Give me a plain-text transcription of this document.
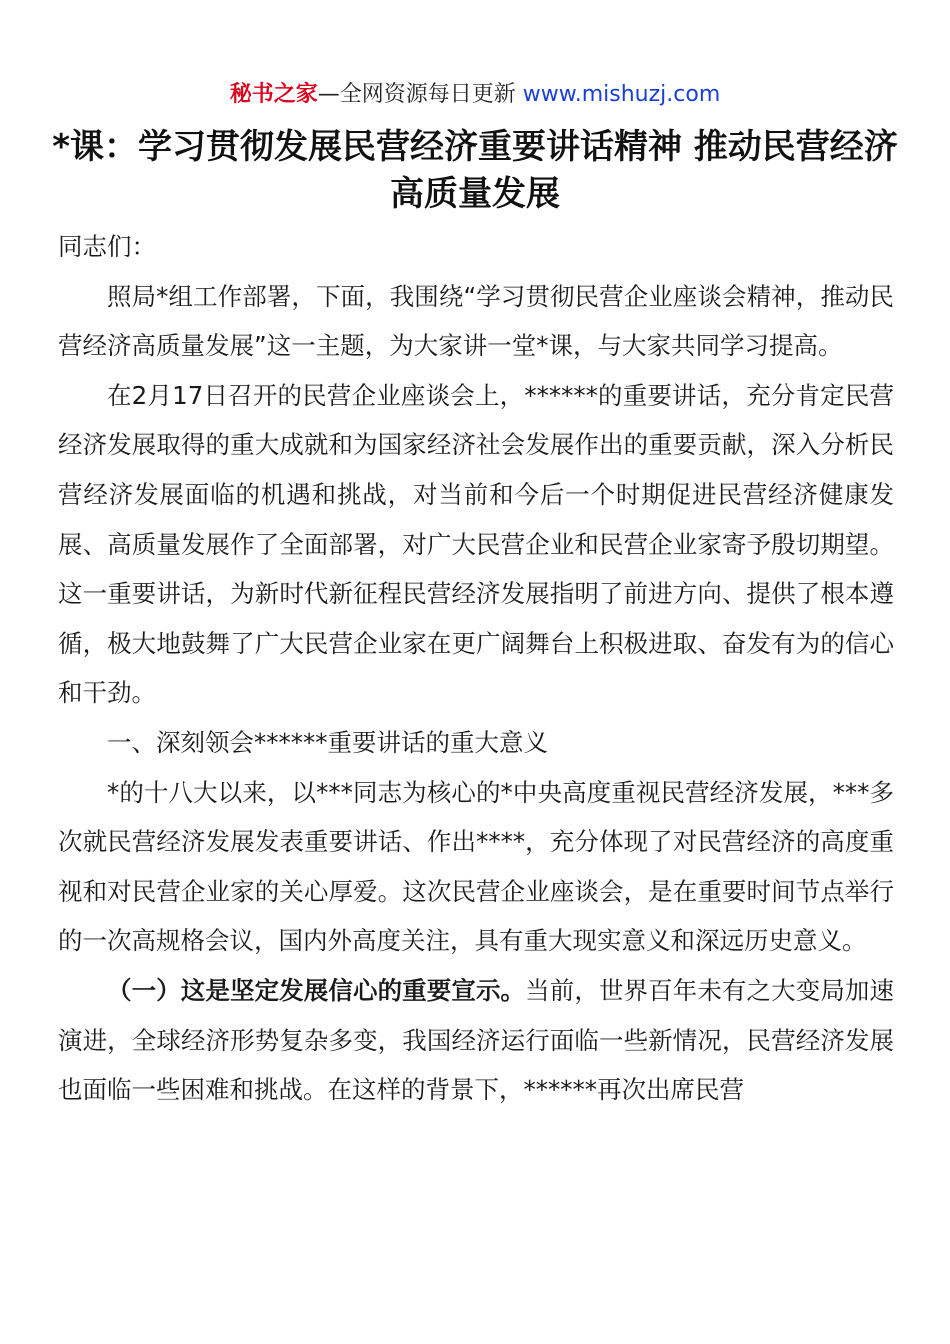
秘书之家—全网资源每日更新 www.mishuzj.com
*课：学习贯彻发展民营经济重要讲话精神 推动民营经济高质量发展

同志们：

照局*组工作部署，下面，我围绕“学习贯彻民营企业座谈会精神，推动民营经济高质量发展”这一主题，为大家讲一堂*课，与大家共同学习提高。

在2月17日召开的民营企业座谈会上，******的重要讲话，充分肯定民营经济发展取得的重大成就和为国家经济社会发展作出的重要贡献，深入分析民营经济发展面临的机遇和挑战，对当前和今后一个时期促进民营经济健康发展、高质量发展作了全面部署，对广大民营企业和民营企业家寄予殷切期望。这一重要讲话，为新时代新征程民营经济发展指明了前进方向、提供了根本遵循，极大地鼓舞了广大民营企业家在更广阔舞台上积极进取、奋发有为的信心和干劲。

一、深刻领会******重要讲话的重大意义

*的十八大以来，以***同志为核心的*中央高度重视民营经济发展，***多次就民营经济发展发表重要讲话、作出****，充分体现了对民营经济的高度重视和对民营企业家的关心厚爱。这次民营企业座谈会，是在重要时间节点举行的一次高规格会议，国内外高度关注，具有重大现实意义和深远历史意义。

（一）这是坚定发展信心的重要宣示。当前，世界百年未有之大变局加速演进，全球经济形势复杂多变，我国经济运行面临一些新情况，民营经济发展也面临一些困难和挑战。在这样的背景下，******再次出席民营
